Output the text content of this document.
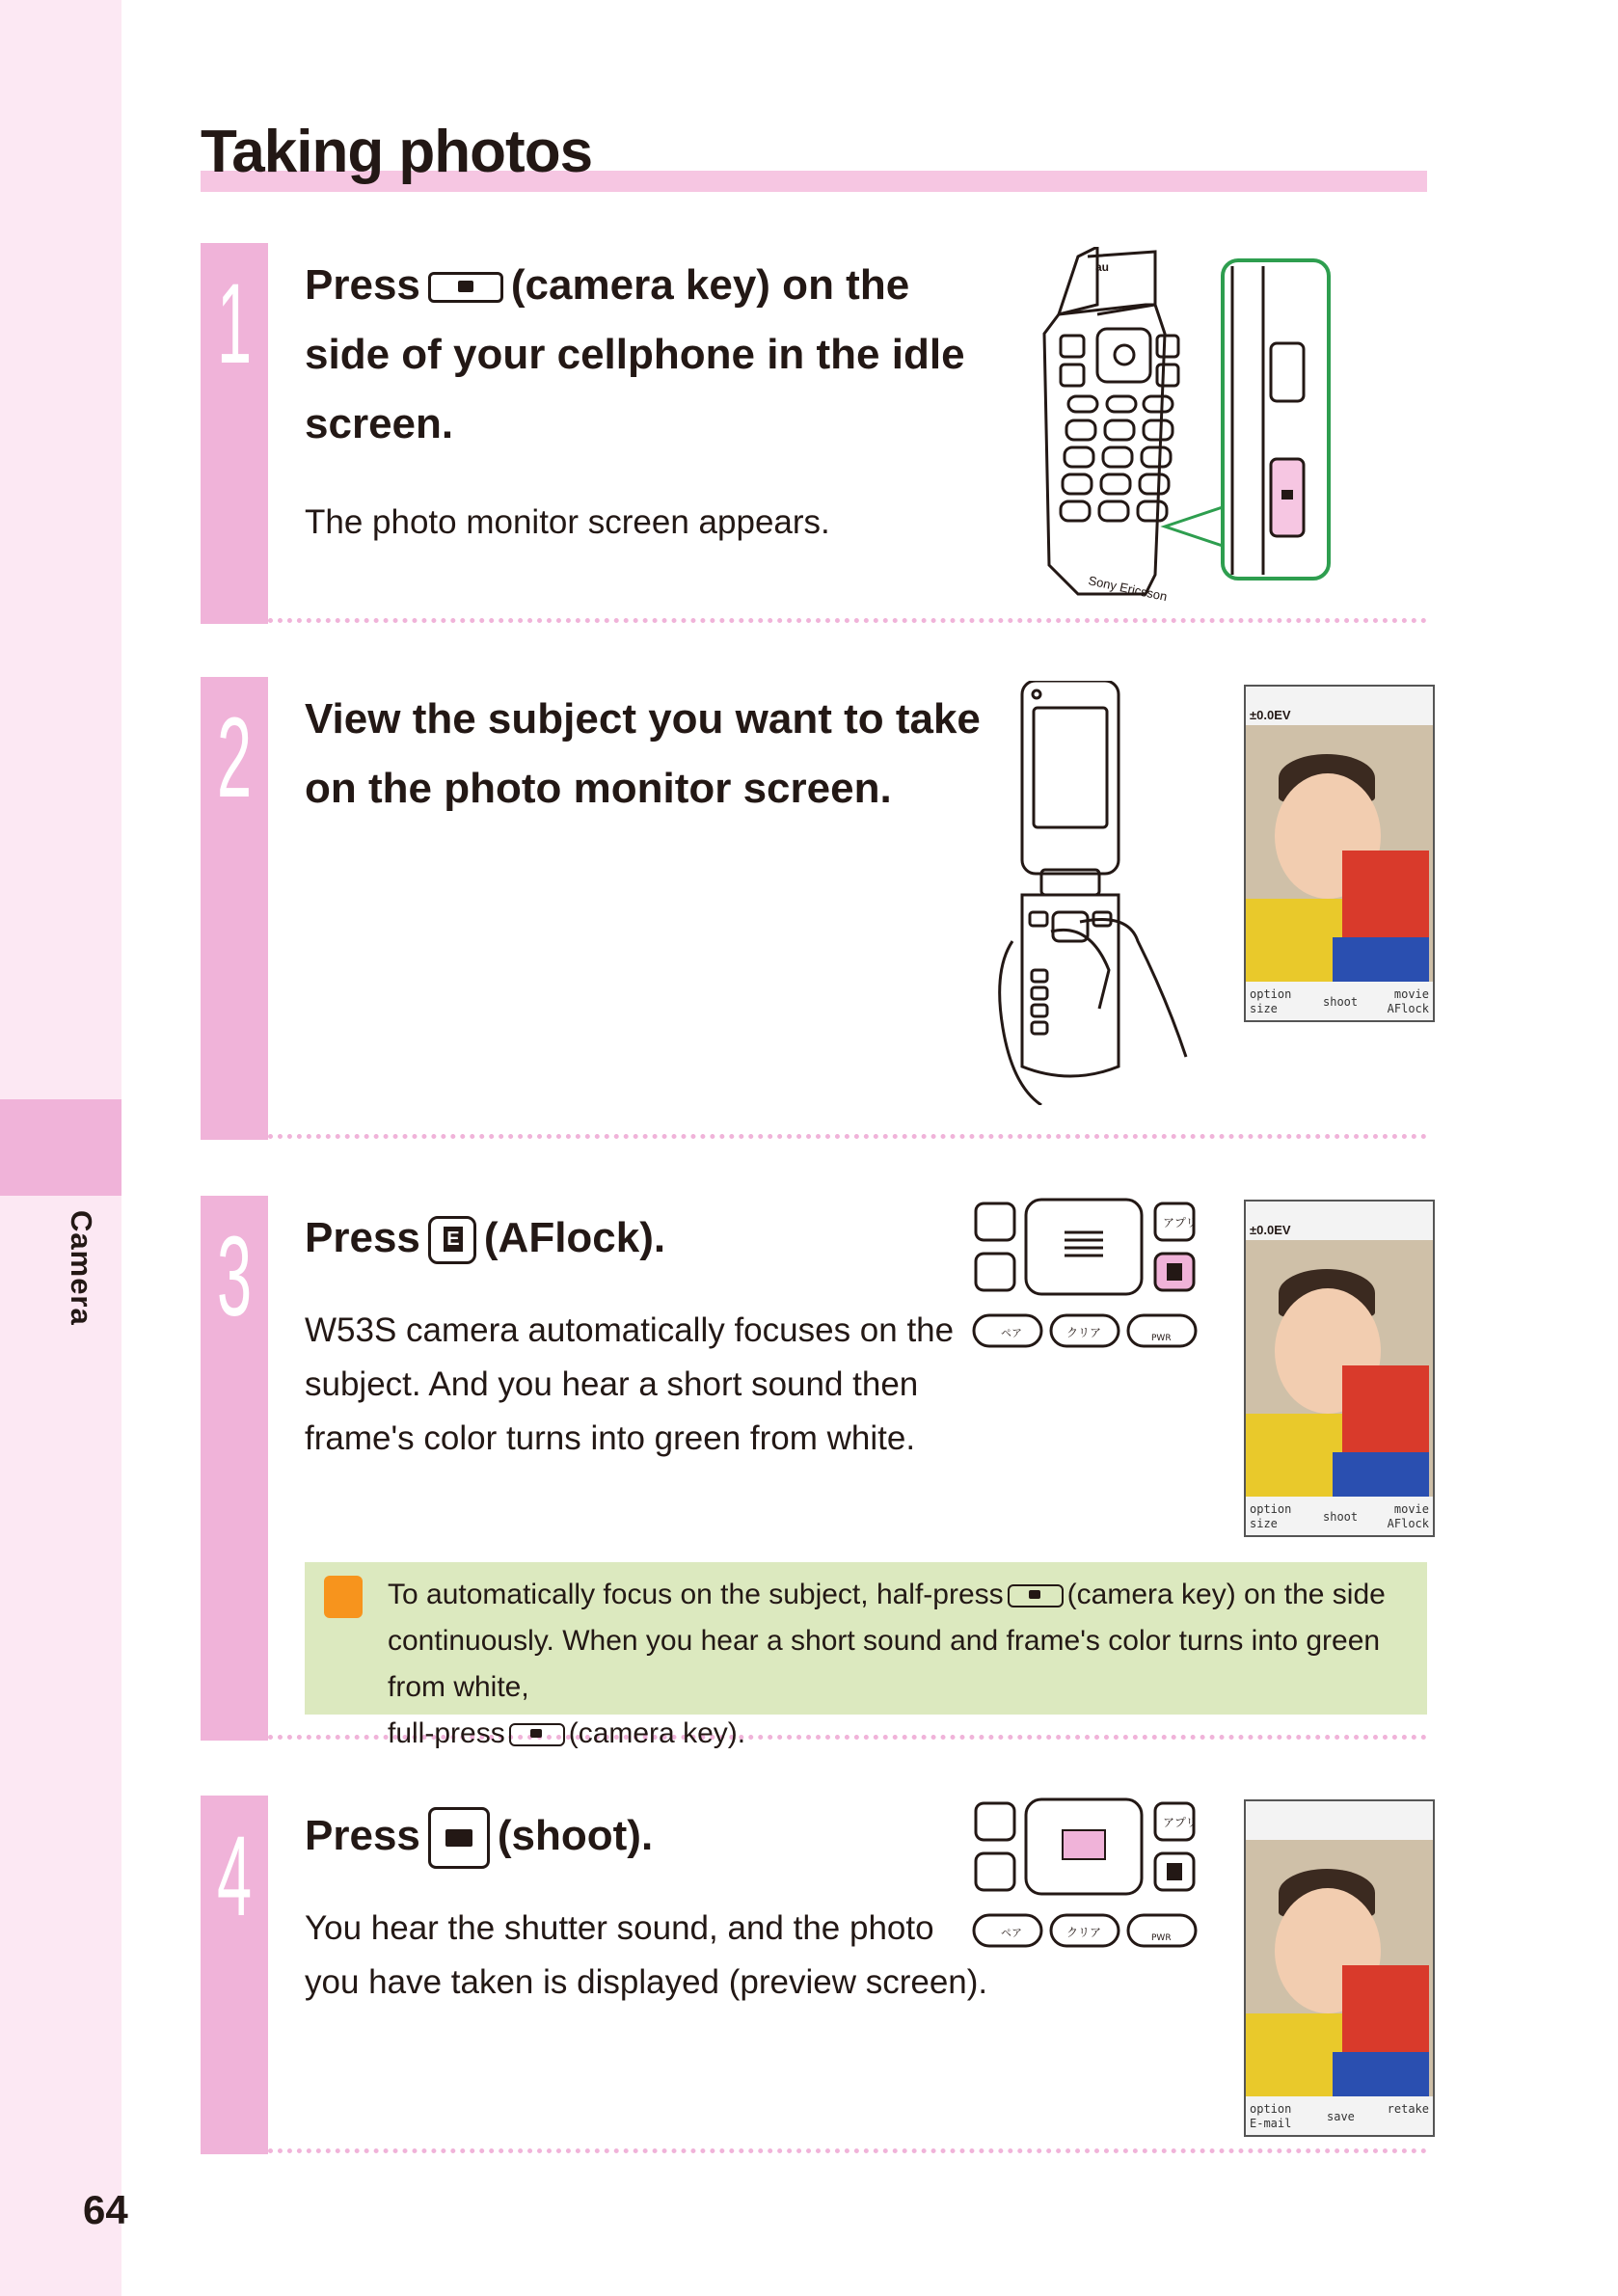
Camera
64
Taking photos
1 Press (camera key) on the
side of your cellphone in the idle
screen.
The photo monitor screen appears.
Sony Ericsson
au
2 View the subject you want to take
on the photo monitor screen.
±0.0EV
option
size	shoot
movie
AFlock
3 PressE (AFlock).
W53S camera automatically focuses on the
subject. And you hear a short sound then
frame's color turns into green from white.
アプリ
ペア	クリア	PWR
±0.0EV
option
size	shoot
movie
AFlock
To automatically focus on the subject, half-press (camera key) on the side
continuously. When you hear a short sound and frame's color turns into green from white,
full-press (camera key).
4 Press (shoot).
You hear the shutter sound, and the photo
you have taken is displayed (preview screen).
アプリ
ペア	クリア	PWR
option
E-mail	save
retake
